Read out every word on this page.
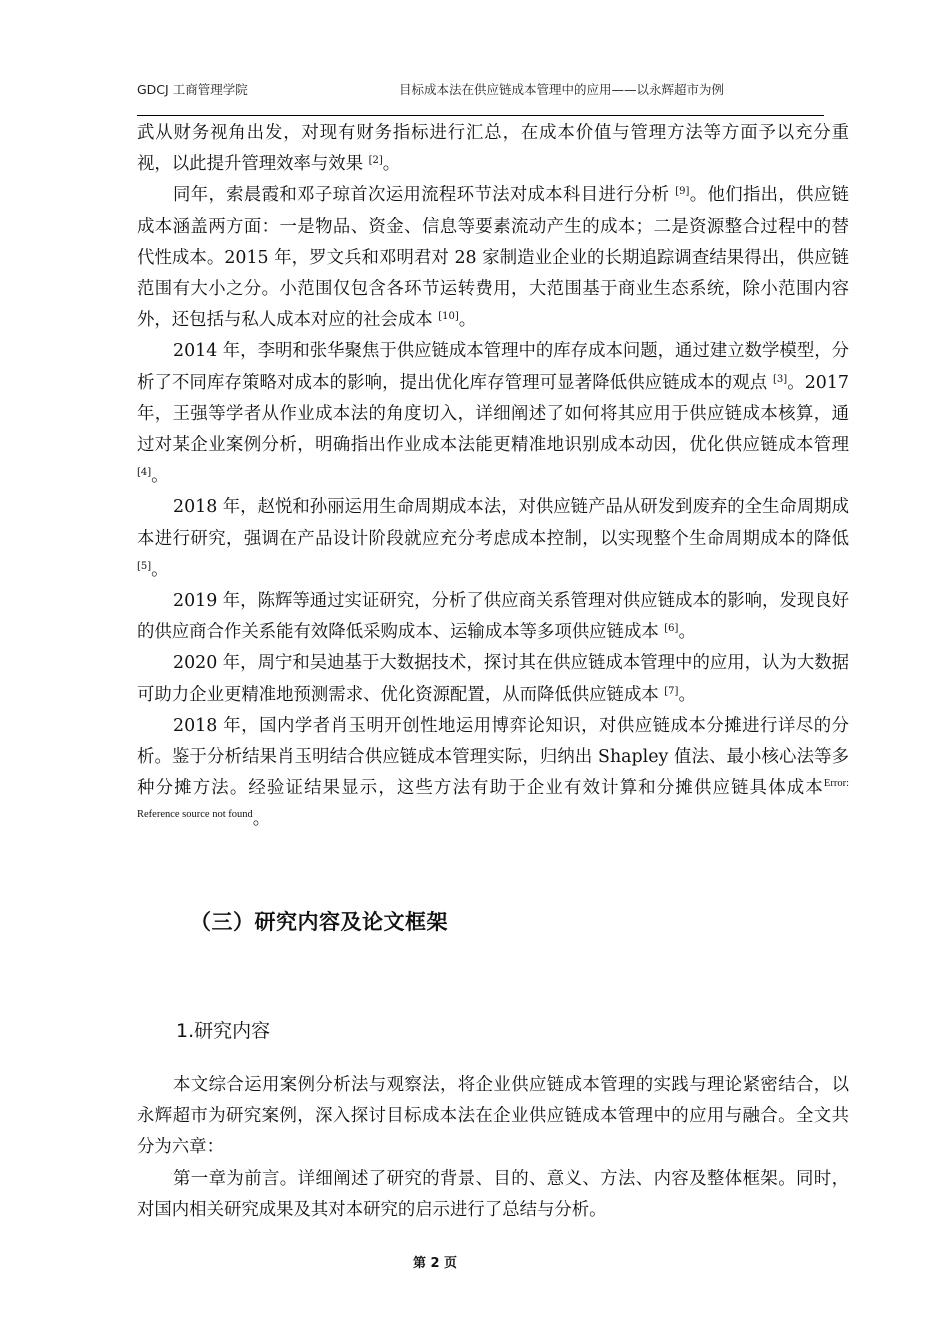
GDCJ 工商管理学院	目标成本法在供应链成本管理中的应用——以永辉超市为例

武从财务视角出发，对现有财务指标进行汇总，在成本价值与管理方法等方面予以充分重视，以此提升管理效率与效果 [2]。

同年，索晨霞和邓子琼首次运用流程环节法对成本科目进行分析 [9]。他们指出，供应链成本涵盖两方面：一是物品、资金、信息等要素流动产生的成本；二是资源整合过程中的替代性成本。2015 年，罗文兵和邓明君对 28 家制造业企业的长期追踪调查结果得出，供应链范围有大小之分。小范围仅包含各环节运转费用，大范围基于商业生态系统，除小范围内容外，还包括与私人成本对应的社会成本 [10]。

2014 年，李明和张华聚焦于供应链成本管理中的库存成本问题，通过建立数学模型，分析了不同库存策略对成本的影响，提出优化库存管理可显著降低供应链成本的观点 [3]。2017 年，王强等学者从作业成本法的角度切入，详细阐述了如何将其应用于供应链成本核算，通过对某企业案例分析，明确指出作业成本法能更精准地识别成本动因，优化供应链成本管理 [4]。

2018 年，赵悦和孙丽运用生命周期成本法，对供应链产品从研发到废弃的全生命周期成本进行研究，强调在产品设计阶段就应充分考虑成本控制，以实现整个生命周期成本的降低 [5]。

2019 年，陈辉等通过实证研究，分析了供应商关系管理对供应链成本的影响，发现良好的供应商合作关系能有效降低采购成本、运输成本等多项供应链成本 [6]。

2020 年，周宁和吴迪基于大数据技术，探讨其在供应链成本管理中的应用，认为大数据可助力企业更精准地预测需求、优化资源配置，从而降低供应链成本 [7]。

2018 年，国内学者肖玉明开创性地运用博弈论知识，对供应链成本分摊进行详尽的分析。鉴于分析结果肖玉明结合供应链成本管理实际，归纳出 Shapley 值法、最小核心法等多种分摊方法。经验证结果显示，这些方法有助于企业有效计算和分摊供应链具体成本$^{Error: Reference source not found}$。

（三）研究内容及论文框架
1.研究内容

本文综合运用案例分析法与观察法，将企业供应链成本管理的实践与理论紧密结合，以永辉超市为研究案例，深入探讨目标成本法在企业供应链成本管理中的应用与融合。全文共分为六章：

第一章为前言。详细阐述了研究的背景、目的、意义、方法、内容及整体框架。同时，对国内相关研究成果及其对本研究的启示进行了总结与分析。

第 2 页
